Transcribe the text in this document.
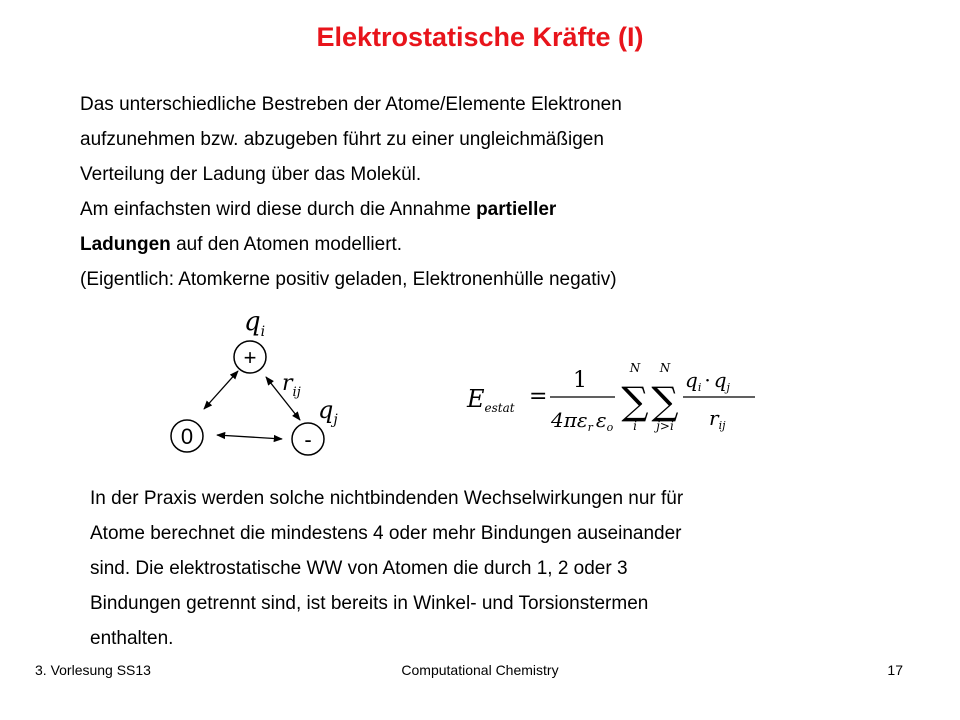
Elektrostatische Kräfte (I)
Das unterschiedliche Bestreben der Atome/Elemente Elektronen
aufzunehmen bzw. abzugeben führt zu einer ungleichmäßigen
Verteilung der Ladung über das Molekül.
Am einfachsten wird diese durch die Annahme partieller
Ladungen auf den Atomen modelliert.
(Eigentlich: Atomkerne positiv geladen, Elektronenhülle negativ)
$q_i$
+
0	-
$r_{ij}$
$q_j$
$E_{estat}$ =
1
$4\pi\varepsilon_r$ $\varepsilon_o$
N
∑
i
N
∑
j>i
$q_i \cdot q_j$
$r_{ij}$
In der Praxis werden solche nichtbindenden Wechselwirkungen nur für
Atome berechnet die mindestens 4 oder mehr Bindungen auseinander
sind. Die elektrostatische WW von Atomen die durch 1, 2 oder 3
Bindungen getrennt sind, ist bereits in Winkel- und Torsionstermen
enthalten.
3. Vorlesung SS13	Computational Chemistry	17
